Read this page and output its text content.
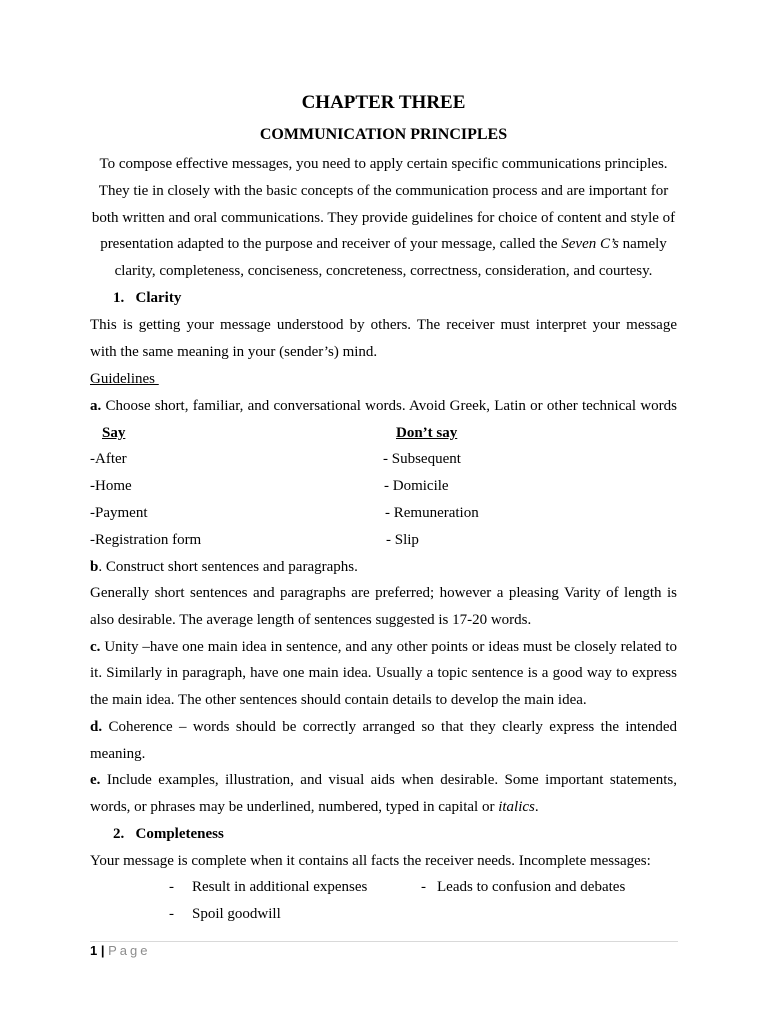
CHAPTER THREE
COMMUNICATION PRINCIPLES
To compose effective messages, you need to apply certain specific communications principles. They tie in closely with the basic concepts of the communication process and are important for both written and oral communications. They provide guidelines for choice of content and style of presentation adapted to the purpose and receiver of your message, called the Seven C’s namely clarity, completeness, conciseness, concreteness, correctness, consideration, and courtesy.
1. Clarity
This is getting your message understood by others. The receiver must interpret your message
with the same meaning in your (sender’s) mind.
Guidelines
a. Choose short, familiar, and conversational words. Avoid Greek, Latin or other technical words
Say	Don’t say
-After	- Subsequent
-Home	- Domicile
-Payment	- Remuneration
-Registration form	- Slip
b. Construct short sentences and paragraphs.
Generally short sentences and paragraphs are preferred; however a pleasing Varity of length is
also desirable. The average length of sentences suggested is 17-20 words.
c. Unity –have one main idea in sentence, and any other points or ideas must be closely related to
it. Similarly in paragraph, have one main idea. Usually a topic sentence is a good way to express
the main idea. The other sentences should contain details to develop the main idea.
d. Coherence – words should be correctly arranged so that they clearly express the intended
meaning.
e. Include examples, illustration, and visual aids when desirable. Some important statements,
words, or phrases may be underlined, numbered, typed in capital or italics.
2. Completeness
Your message is complete when it contains all facts the receiver needs. Incomplete messages:
- Result in additional expenses	- Leads to confusion and debates
- Spoil goodwill
1 | Page
